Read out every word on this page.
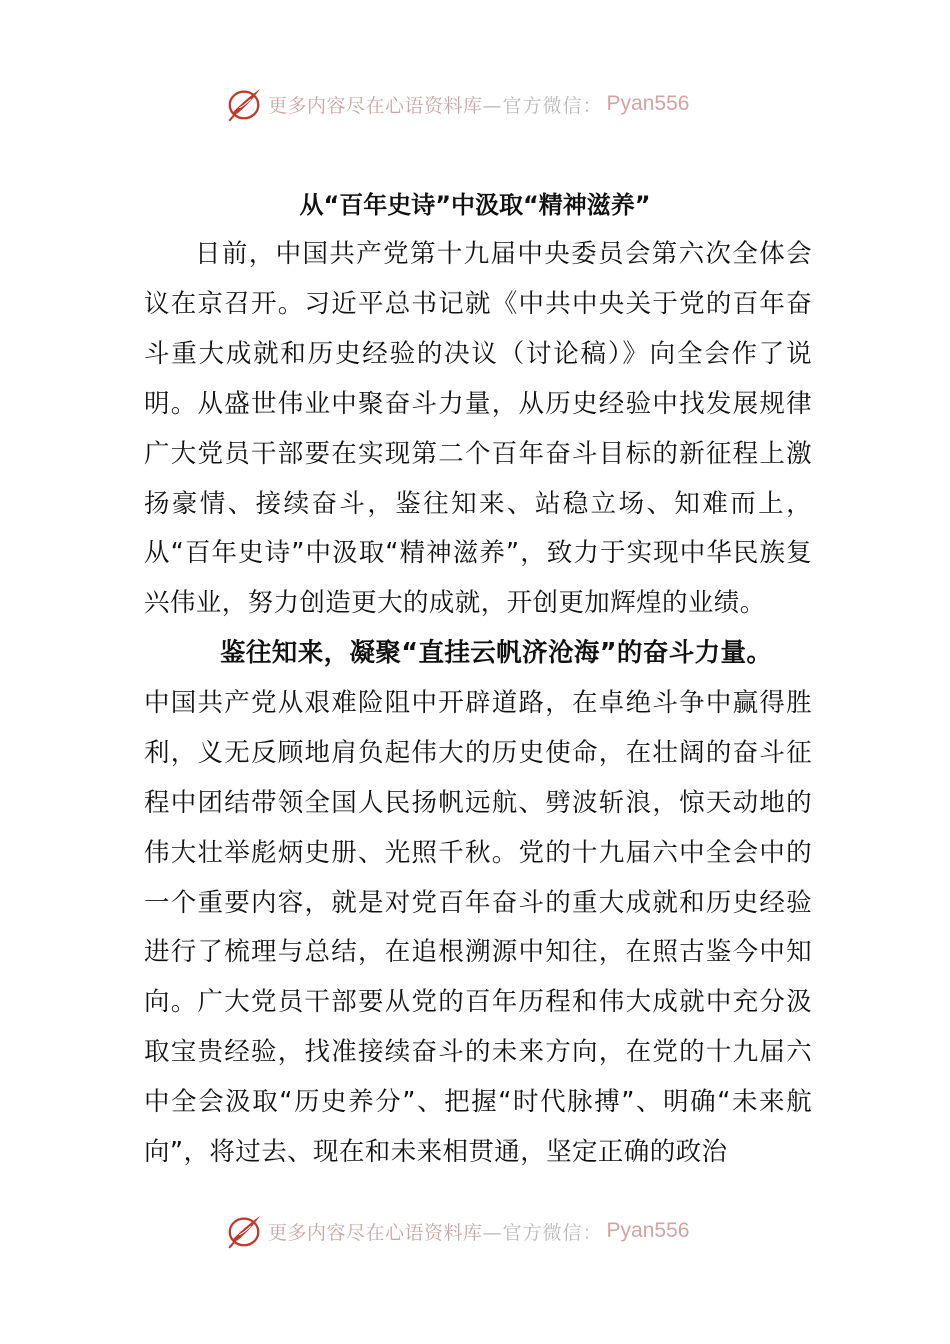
更多内容尽在心语资料库 —官方微信： Pyan556
从“百年史诗”中汲取“精神滋养”

日前，中国共产党第十九届中央委员会第六次全体会议在京召开。习近平总书记就《中共中央关于党的百年奋斗重大成就和历史经验的决议（讨论稿）》向全会作了说明。从盛世伟业中聚奋斗力量，从历史经验中找发展规律广大党员干部要在实现第二个百年奋斗目标的新征程上激扬豪情、接续奋斗，鉴往知来、站稳立场、知难而上，从“百年史诗”中汲取“精神滋养”，致力于实现中华民族复兴伟业，努力创造更大的成就，开创更加辉煌的业绩。

鉴往知来，凝聚“直挂云帆济沧海”的奋斗力量。
中国共产党从艰难险阻中开辟道路，在卓绝斗争中赢得胜利，义无反顾地肩负起伟大的历史使命，在壮阔的奋斗征程中团结带领全国人民扬帆远航、劈波斩浪，惊天动地的伟大壮举彪炳史册、光照千秋。党的十九届六中全会中的一个重要内容，就是对党百年奋斗的重大成就和历史经验进行了梳理与总结，在追根溯源中知往，在照古鉴今中知向。广大党员干部要从党的百年历程和伟大成就中充分汲取宝贵经验，找准接续奋斗的未来方向，在党的十九届六中全会汲取“历史养分”、把握“时代脉搏”、明确“未来航向”，将过去、现在和未来相贯通，坚定正确的政治
更多内容尽在心语资料库 —官方微信： Pyan556
